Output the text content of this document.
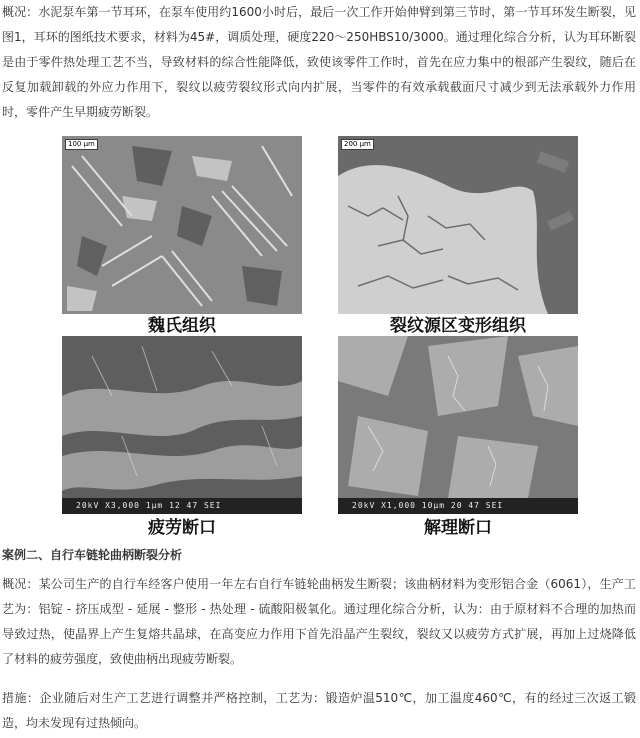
概况：水泥泵车第一节耳环，在泵车使用约1600小时后，最后一次工作开始伸臂到第三节时，第一节耳环发生断裂，见图1，耳环的图纸技术要求，材料为45#，调质处理，硬度220～250HBS10/3000。通过理化综合分析，认为耳环断裂是由于零件热处理工艺不当，导致材料的综合性能降低，致使该零件工作时，首先在应力集中的根部产生裂纹，随后在反复加载卸载的外应力作用下，裂纹以疲劳裂纹形式向内扩展，当零件的有效承载截面尺寸减少到无法承载外力作用时，零件产生早期疲劳断裂。

100 μm
魏氏组织
200 μm
裂纹源区变形组织
20kV X3,000 1μm 12 47 SEI
疲劳断口
20kV X1,000 10μm 20 47 SEI
解理断口

案例二、自行车链轮曲柄断裂分析

概况：某公司生产的自行车经客户使用一年左右自行车链轮曲柄发生断裂；该曲柄材料为变形铝合金（6061），生产工艺为：铝锭 - 挤压成型 - 延展 - 整形 - 热处理 - 硫酸阳极氧化。通过理化综合分析，认为：由于原材料不合理的加热而导致过热，使晶界上产生复熔共晶球，在高变应力作用下首先沿晶产生裂纹，裂纹又以疲劳方式扩展，再加上过烧降低了材料的疲劳强度，致使曲柄出现疲劳断裂。

措施：企业随后对生产工艺进行调整并严格控制，工艺为：锻造炉温510℃，加工温度460℃，有的经过三次返工锻造，均未发现有过热倾向。
